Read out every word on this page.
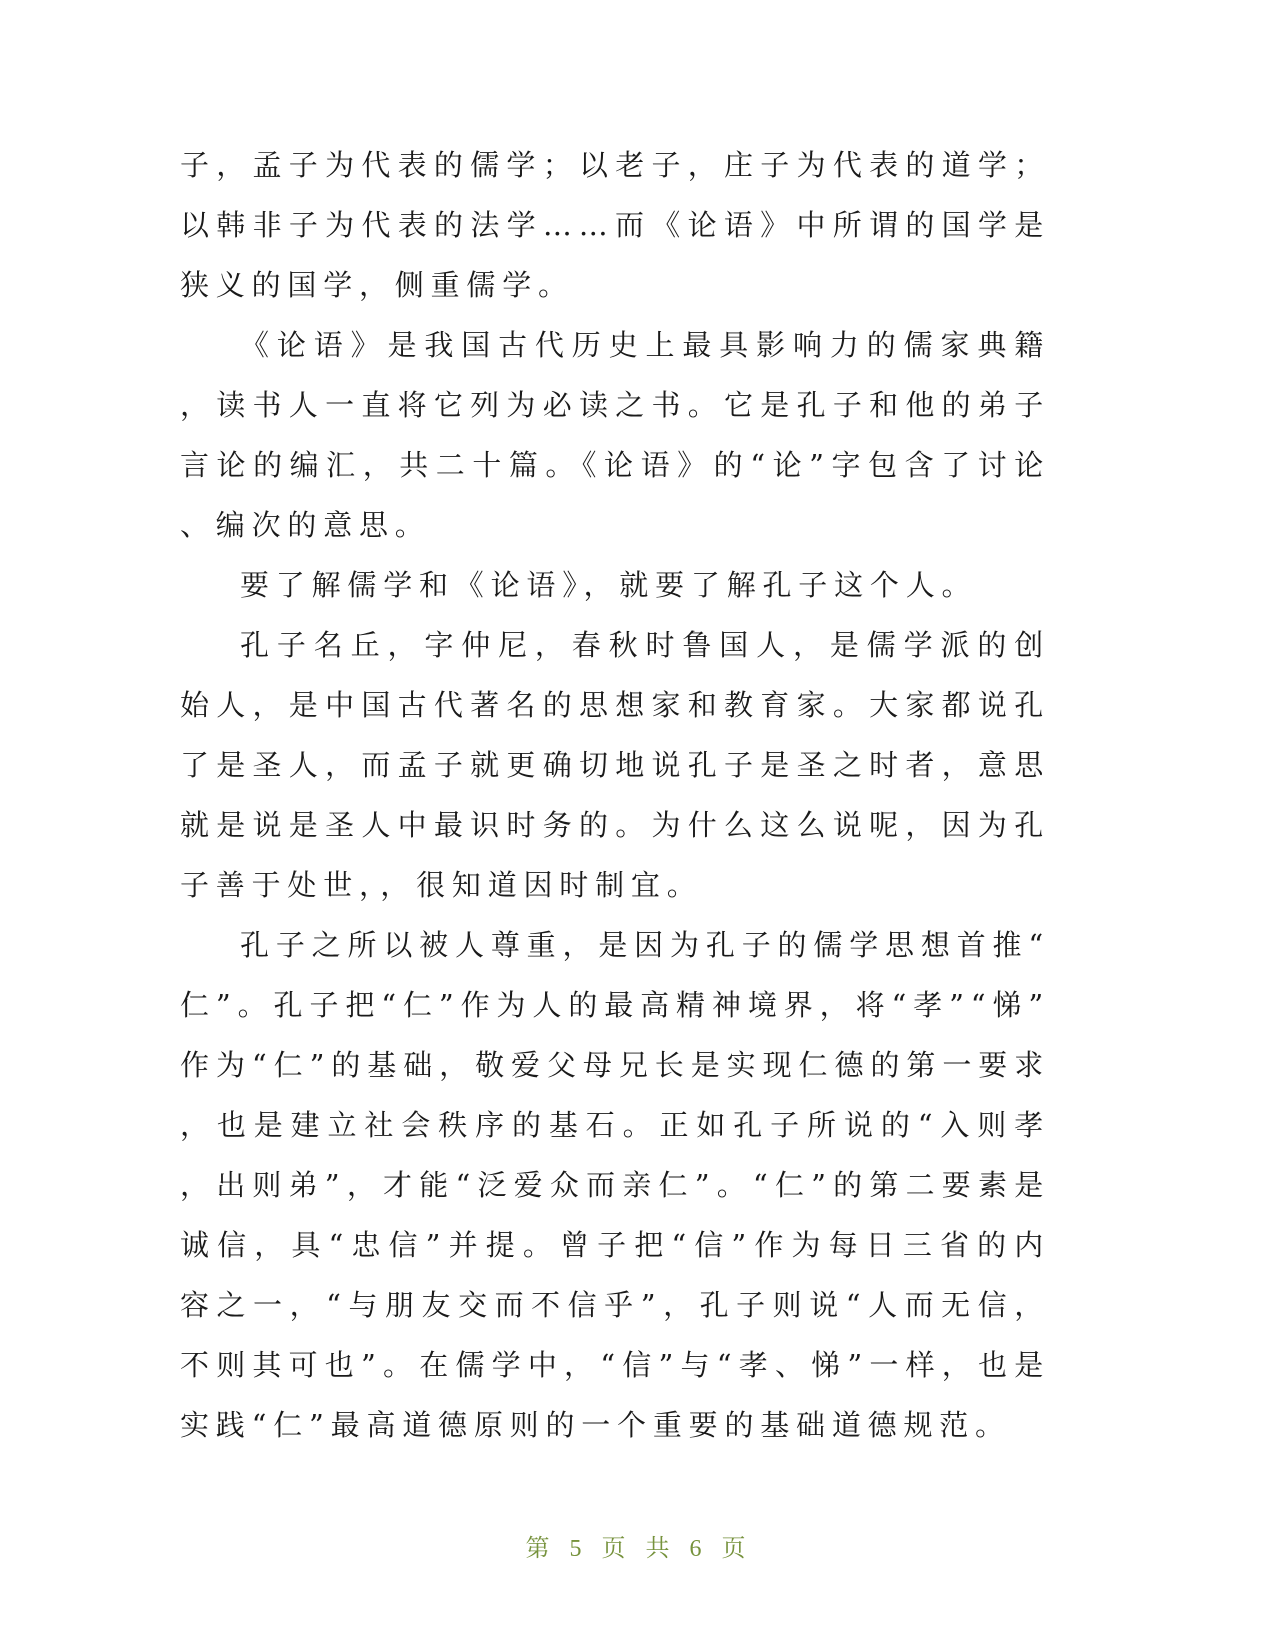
子，孟子为代表的儒学；以老子，庄子为代表的道学；以韩非子为代表的法学……而《论语》中所谓的国学是狭义的国学，侧重儒学。

《论语》是我国古代历史上最具影响力的儒家典籍，读书人一直将它列为必读之书。它是孔子和他的弟子言论的编汇，共二十篇。《论语》的“论”字包含了讨论、编次的意思。

要了解儒学和《论语》，就要了解孔子这个人。

孔子名丘，字仲尼，春秋时鲁国人，是儒学派的创始人，是中国古代著名的思想家和教育家。大家都说孔了是圣人，而孟子就更确切地说孔子是圣之时者，意思就是说是圣人中最识时务的。为什么这么说呢，因为孔子善于处世，，很知道因时制宜。

孔子之所以被人尊重，是因为孔子的儒学思想首推“仁”。孔子把“仁”作为人的最高精神境界，将“孝”“悌”作为“仁”的基础，敬爱父母兄长是实现仁德的第一要求，也是建立社会秩序的基石。正如孔子所说的“入则孝，出则弟”，才能“泛爱众而亲仁”。“仁”的第二要素是诚信，具“忠信”并提。曾子把“信”作为每日三省的内容之一，“与朋友交而不信乎”，孔子则说“人而无信，不则其可也”。在儒学中，“信”与“孝、悌”一样，也是实践“仁”最高道德原则的一个重要的基础道德规范。

第 5 页 共 6 页
